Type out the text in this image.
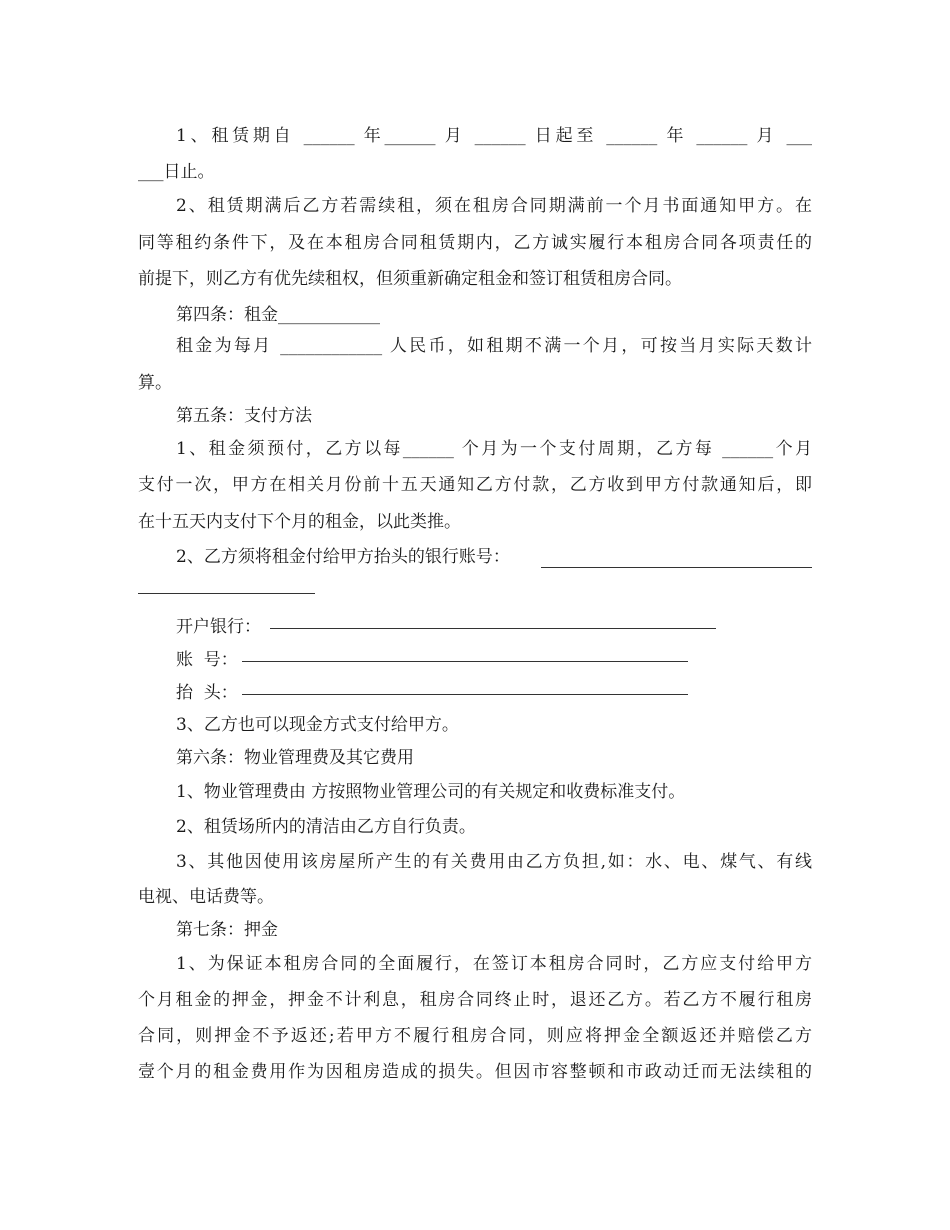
1、租赁期自 ______ 年______ 月 ______ 日起至 ______ 年 ______ 月 ___
___日止。
2、租赁期满后乙方若需续租，须在租房合同期满前一个月书面通知甲方。在
同等租约条件下，及在本租房合同租赁期内，乙方诚实履行本租房合同各项责任的
前提下，则乙方有优先续租权，但须重新确定租金和签订租赁租房合同。
第四条：租金____________
租金为每月 ____________ 人民币，如租期不满一个月，可按当月实际天数计
算。
第五条：支付方法
1、租金须预付，乙方以每______ 个月为一个支付周期，乙方每 ______个月
支付一次，甲方在相关月份前十五天通知乙方付款，乙方收到甲方付款通知后，即
在十五天内支付下个月的租金，以此类推。
2、乙方须将租金付给甲方抬头的银行账号：
开户银行：
账  号：
抬  头：
3、乙方也可以现金方式支付给甲方。
第六条：物业管理费及其它费用
1、物业管理费由 方按照物业管理公司的有关规定和收费标准支付。
2、租赁场所内的清洁由乙方自行负责。
3、其他因使用该房屋所产生的有关费用由乙方负担,如：水、电、煤气、有线
电视、电话费等。
第七条：押金
1、为保证本租房合同的全面履行，在签订本租房合同时，乙方应支付给甲方
个月租金的押金，押金不计利息，租房合同终止时，退还乙方。若乙方不履行租房
合同，则押金不予返还;若甲方不履行租房合同，则应将押金全额返还并赔偿乙方
壹个月的租金费用作为因租房造成的损失。但因市容整顿和市政动迁而无法续租的
